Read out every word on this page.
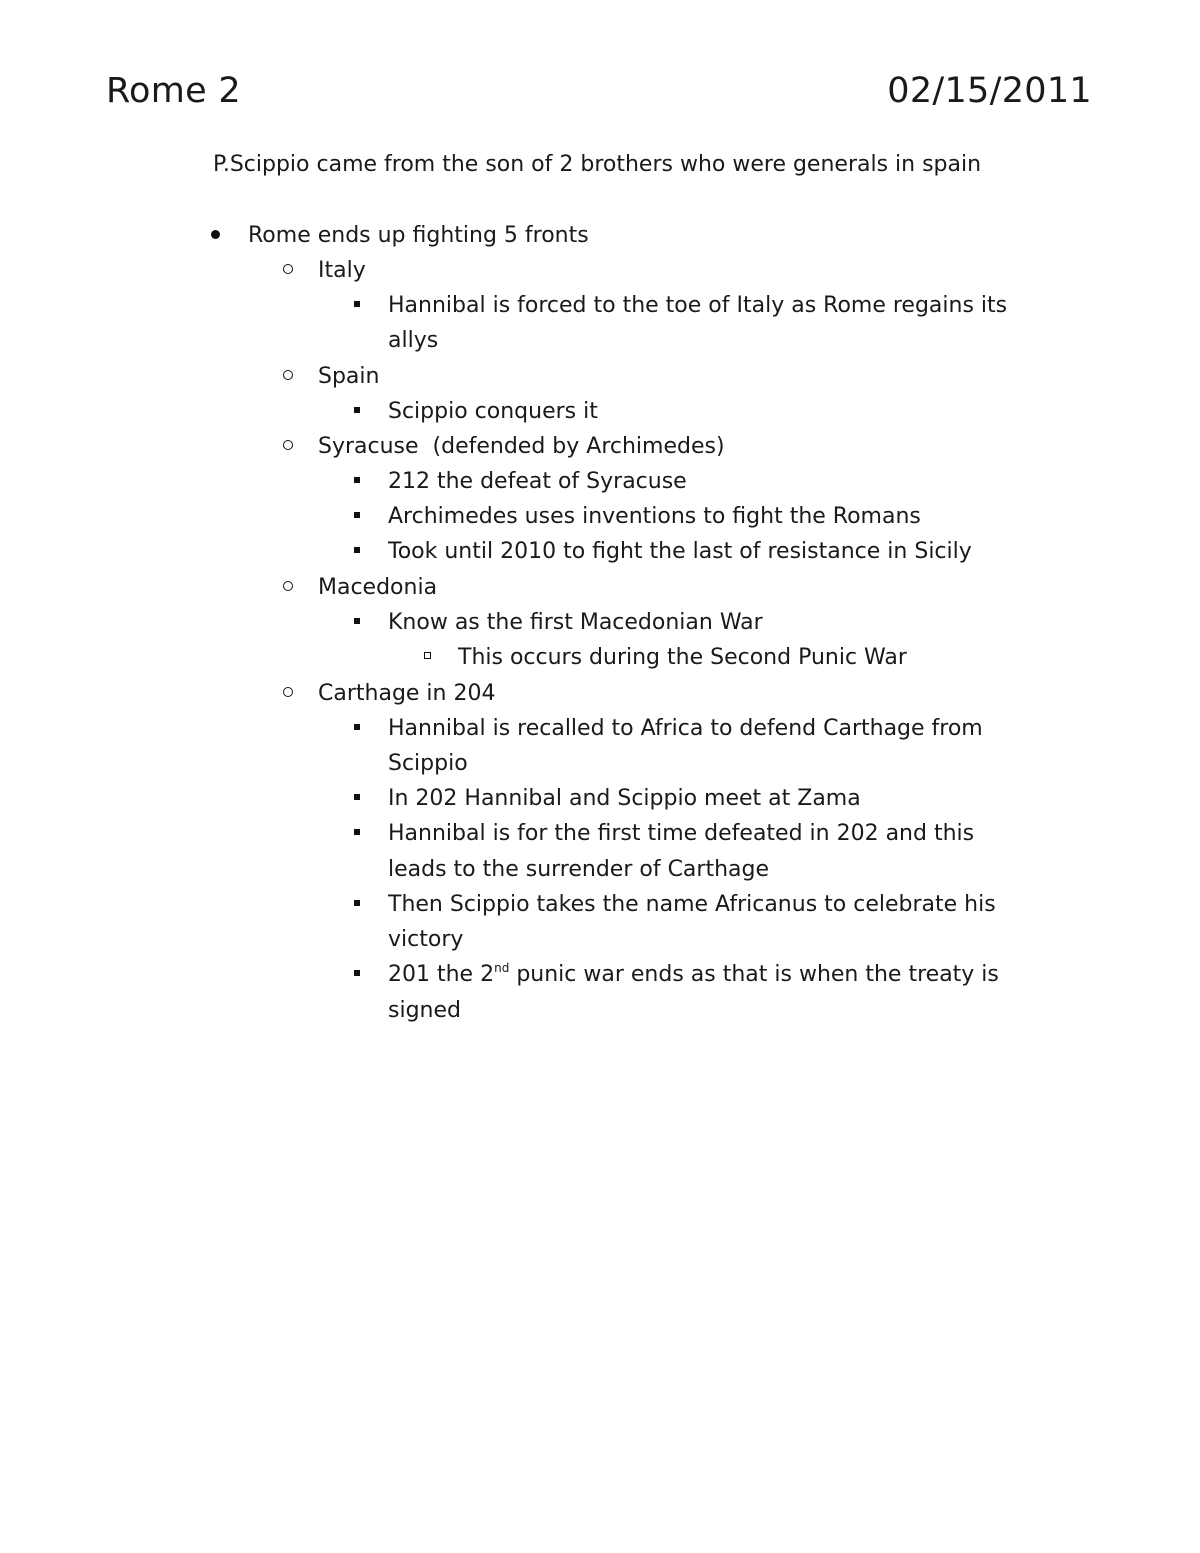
Rome 2	02/15/2011
P.Scippio came from the son of 2 brothers who were generals in spain
Rome ends up fighting 5 fronts
Italy
Hannibal is forced to the toe of Italy as Rome regains its
allys
Spain
Scippio conquers it
Syracuse  (defended by Archimedes)
212 the defeat of Syracuse
Archimedes uses inventions to fight the Romans
Took until 2010 to fight the last of resistance in Sicily
Macedonia
Know as the first Macedonian War
This occurs during the Second Punic War
Carthage in 204
Hannibal is recalled to Africa to defend Carthage from
Scippio
In 202 Hannibal and Scippio meet at Zama
Hannibal is for the first time defeated in 202 and this
leads to the surrender of Carthage
Then Scippio takes the name Africanus to celebrate his
victory
201 the 2nd punic war ends as that is when the treaty is
signed
